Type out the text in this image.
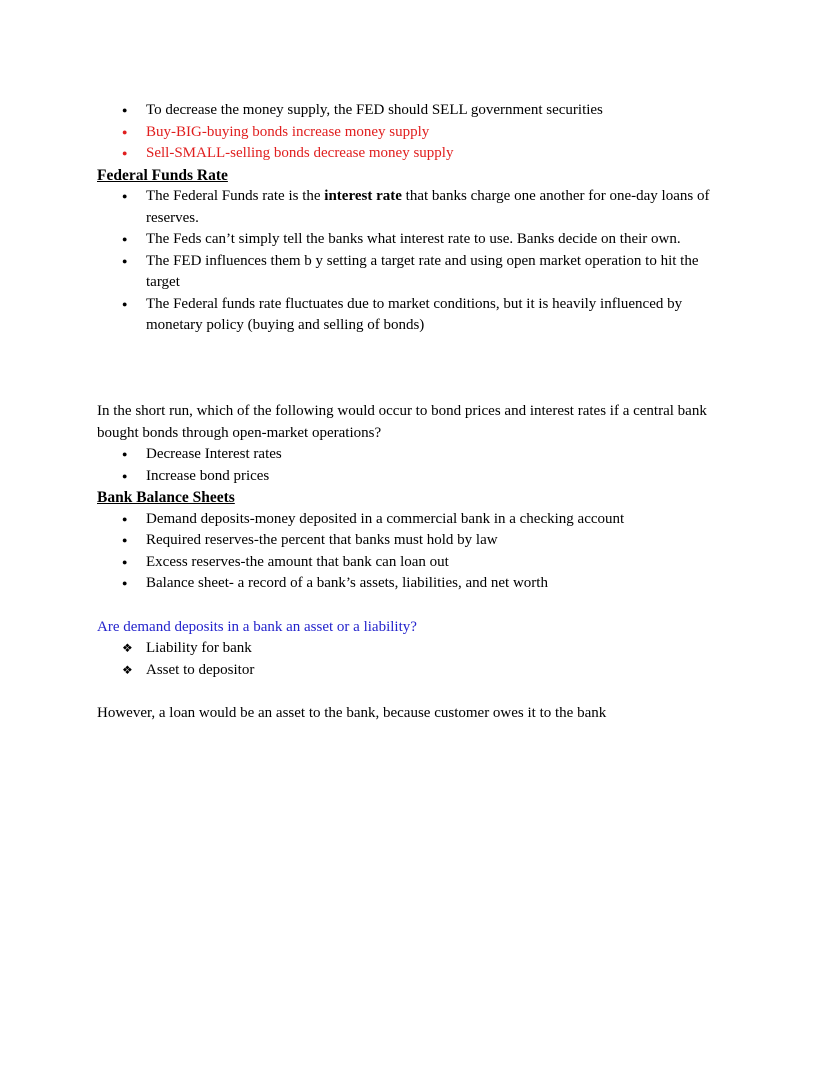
●	To decrease the money supply, the FED should SELL government securities
●	Buy-BIG-buying bonds increase money supply
●	Sell-SMALL-selling bonds decrease money supply
Federal Funds Rate
●	The Federal Funds rate is the interest rate that banks charge one another for one-day loans of reserves.
●	The Feds can’t simply tell the banks what interest rate to use. Banks decide on their own.
●	The FED influences them b y setting a target rate and using open market operation to hit the target
●	The Federal funds rate fluctuates due to market conditions, but it is heavily influenced by monetary policy (buying and selling of bonds)

In the short run, which of the following would occur to bond prices and interest rates if a central bank bought bonds through open-market operations?

●	Decrease Interest rates
●	Increase bond prices
Bank Balance Sheets
●	Demand deposits-money deposited in a commercial bank in a checking account
●	Required reserves-the percent that banks must hold by law
●	Excess reserves-the amount that bank can loan out
●	Balance sheet- a record of a bank’s assets, liabilities, and net worth

Are demand deposits in a bank an asset or a liability?

❖ Liability for bank
❖ Asset to depositor

However, a loan would be an asset to the bank, because customer owes it to the bank
